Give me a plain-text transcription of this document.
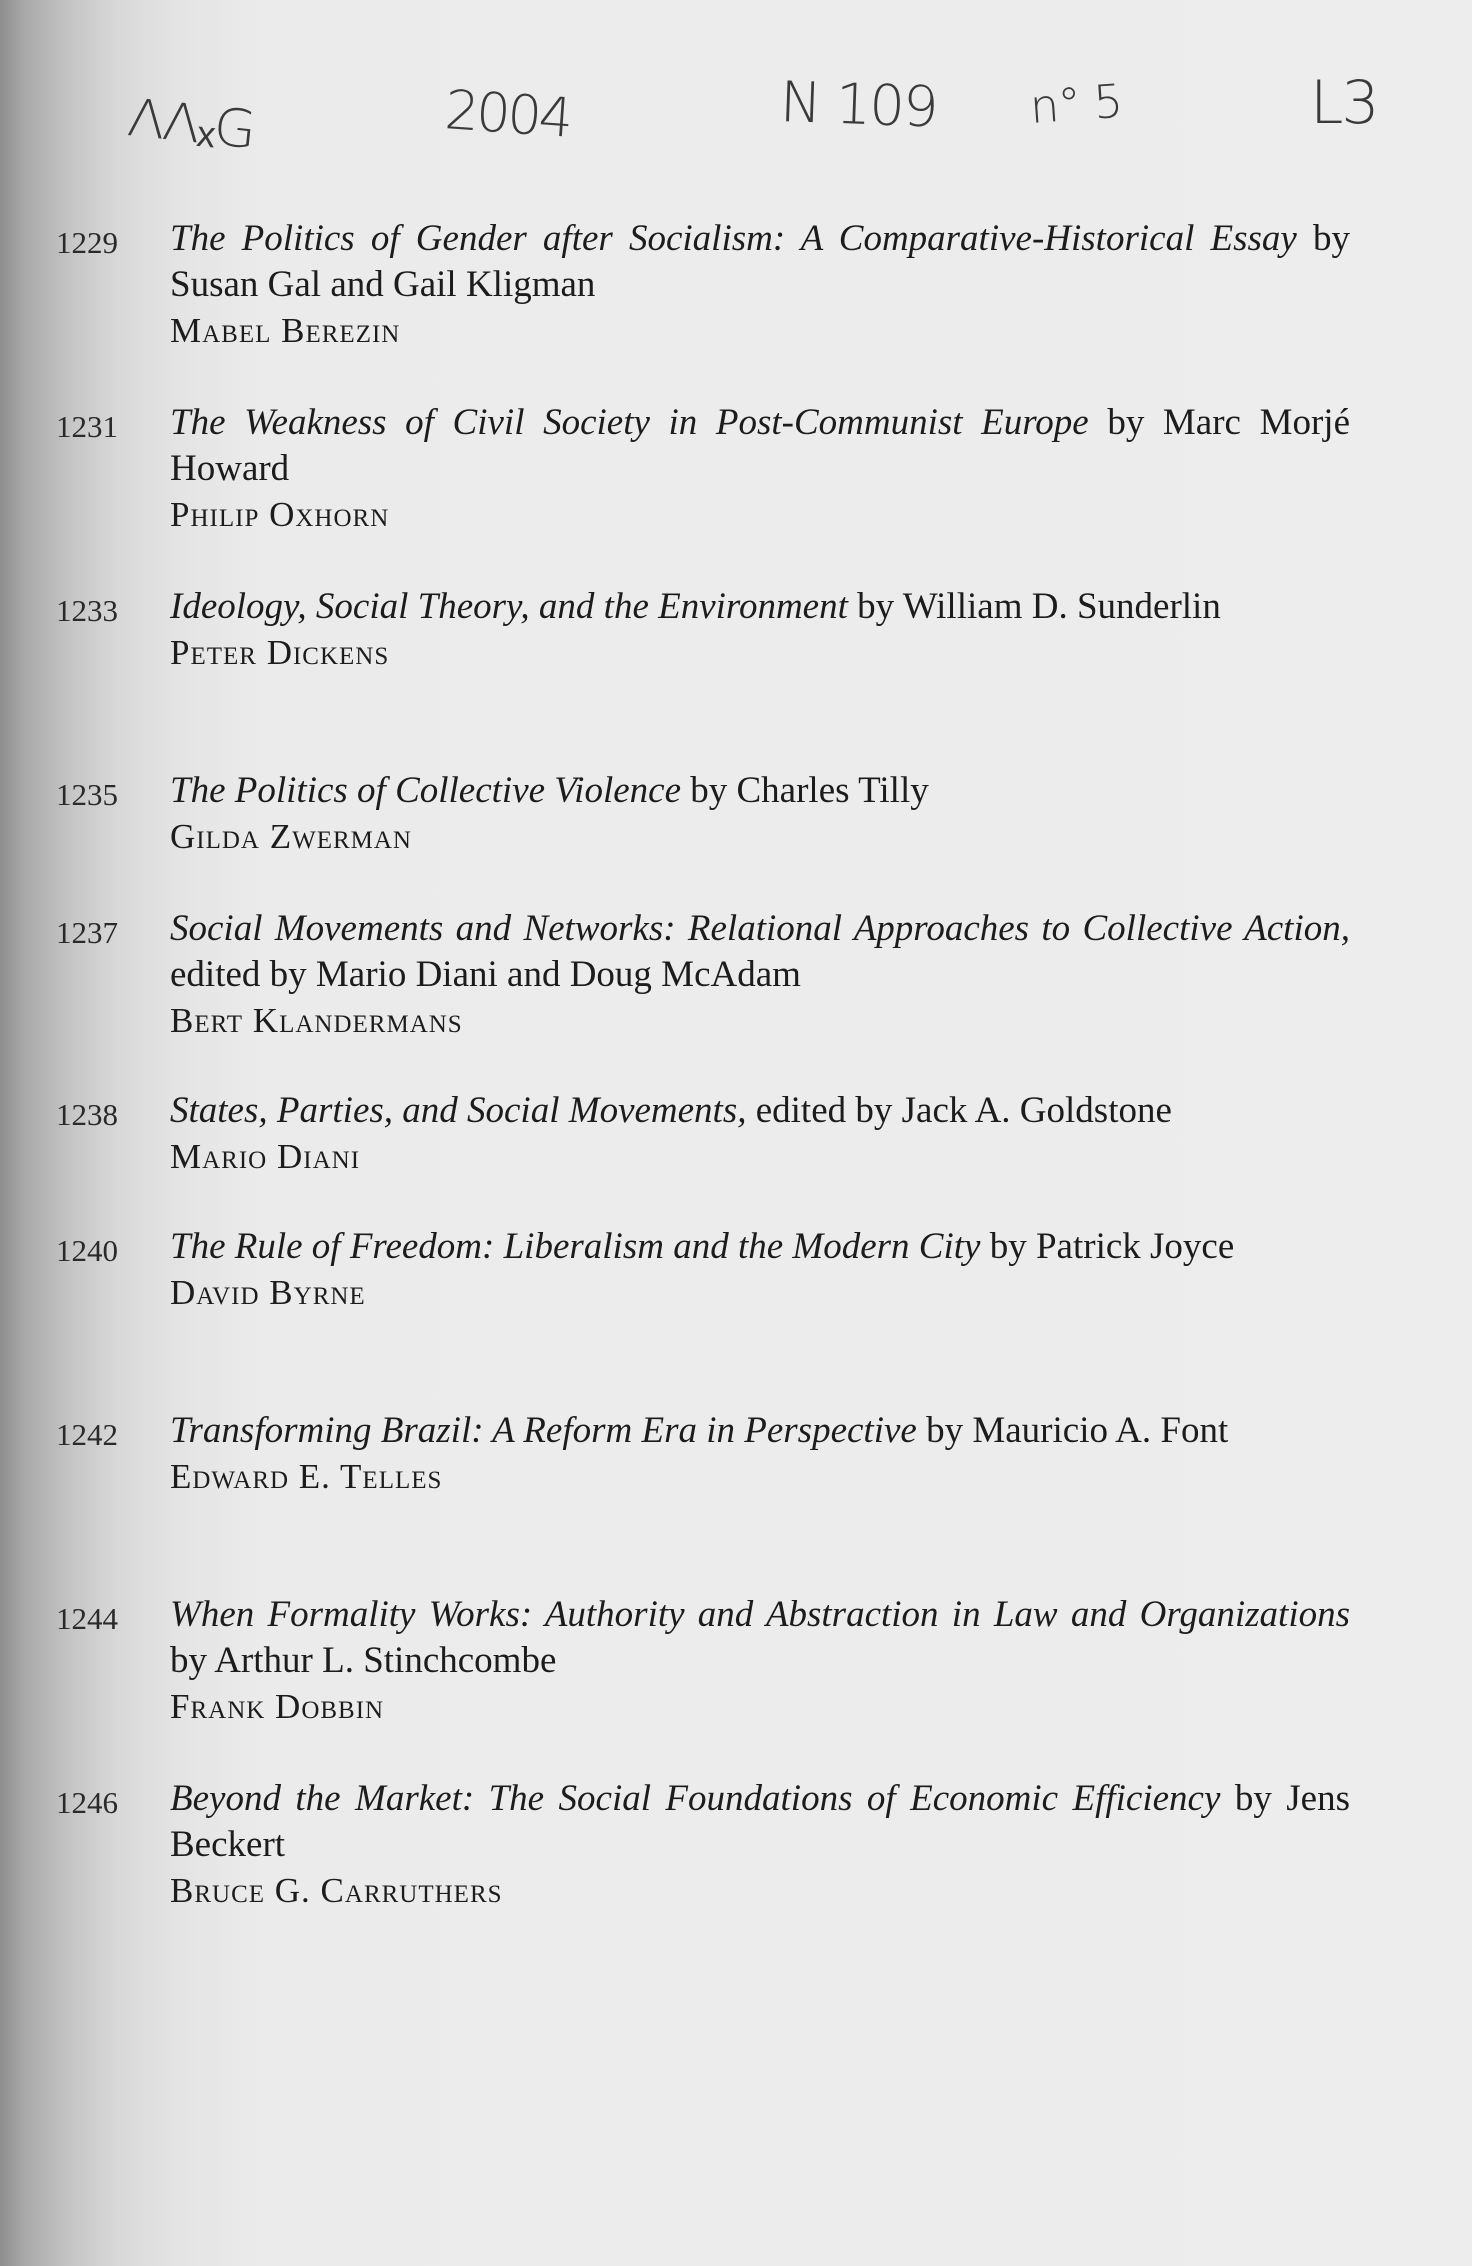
ΛΛₓG	2004	N 109 n° 5	L3
1229	The Politics of Gender after Socialism: A Comparative-Historical Essay by Susan Gal and Gail Kligman
Mabel Berezin
1231	The Weakness of Civil Society in Post-Communist Europe by Marc Morjé Howard
Philip Oxhorn
1233	Ideology, Social Theory, and the Environment by William D. Sunderlin
Peter Dickens
1235	The Politics of Collective Violence by Charles Tilly
Gilda Zwerman
1237	Social Movements and Networks: Relational Approaches to Collective Action, edited by Mario Diani and Doug McAdam
Bert Klandermans
1238	States, Parties, and Social Movements, edited by Jack A. Goldstone
Mario Diani
1240	The Rule of Freedom: Liberalism and the Modern City by Patrick Joyce
David Byrne
1242	Transforming Brazil: A Reform Era in Perspective by Mauricio A. Font
Edward E. Telles
1244	When Formality Works: Authority and Abstraction in Law and Organizations by Arthur L. Stinchcombe
Frank Dobbin
1246	Beyond the Market: The Social Foundations of Economic Efficiency by Jens Beckert
Bruce G. Carruthers
